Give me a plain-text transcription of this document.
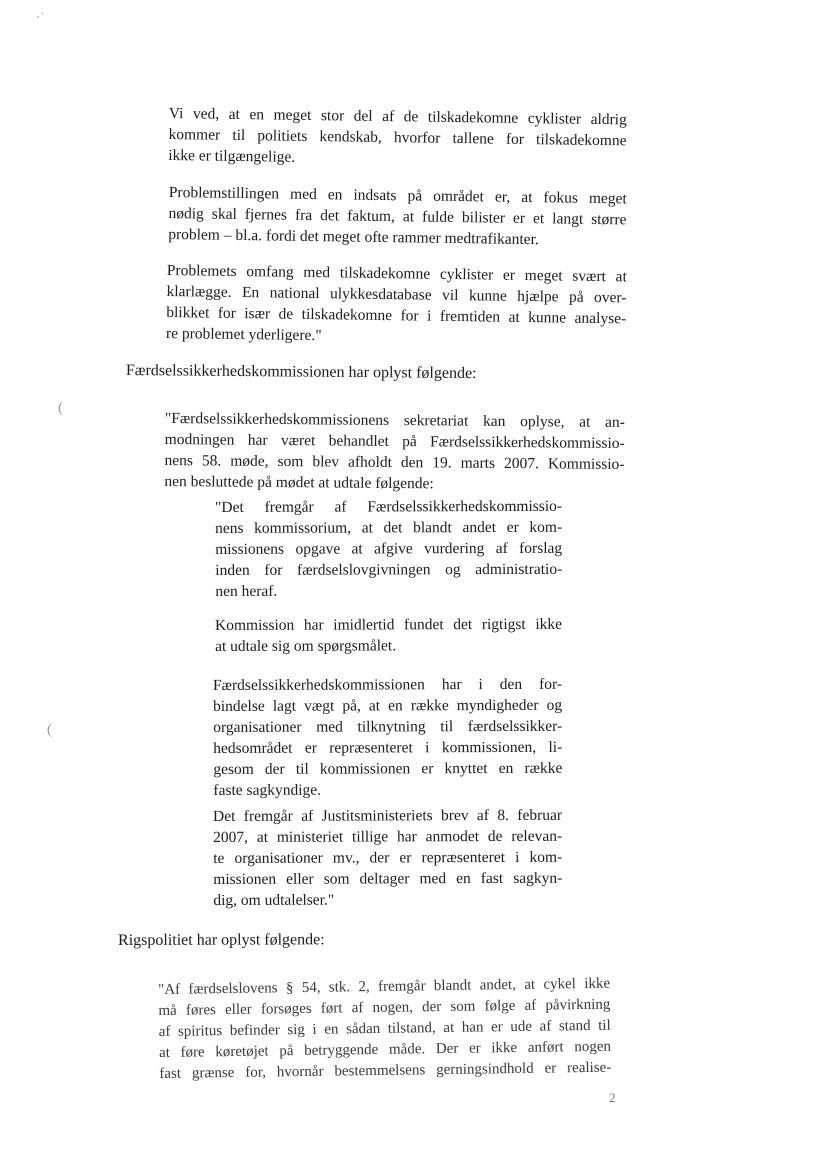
·˙
Vi ved, at en meget stor del af de tilskadekomne cyklister aldrig
kommer til politiets kendskab, hvorfor tallene for tilskadekomne
ikke er tilgængelige.
Problemstillingen med en indsats på området er, at fokus meget
nødig skal fjernes fra det faktum, at fulde bilister er et langt større
problem – bl.a. fordi det meget ofte rammer medtrafikanter.
Problemets omfang med tilskadekomne cyklister er meget svært at
klarlægge. En national ulykkesdatabase vil kunne hjælpe på over-
blikket for især de tilskadekomne for i fremtiden at kunne analyse-
re problemet yderligere."
Færdselssikkerhedskommissionen har oplyst følgende:
(
"Færdselssikkerhedskommissionens sekretariat kan oplyse, at an-
modningen har været behandlet på Færdselssikkerhedskommissio-
nens 58. møde, som blev afholdt den 19. marts 2007. Kommissio-
nen besluttede på mødet at udtale følgende:
"Det fremgår af Færdselssikkerhedskommissio-
nens kommissorium, at det blandt andet er kom-
missionens opgave at afgive vurdering af forslag
inden for færdselslovgivningen og administratio-
nen heraf.
Kommission har imidlertid fundet det rigtigst ikke
at udtale sig om spørgsmålet.
Færdselssikkerhedskommissionen har i den for-
bindelse lagt vægt på, at en række myndigheder og
organisationer med tilknytning til færdselssikker-
hedsområdet er repræsenteret i kommissionen, li-
gesom der til kommissionen er knyttet en række
faste sagkyndige.
(
Det fremgår af Justitsministeriets brev af 8. februar
2007, at ministeriet tillige har anmodet de relevan-
te organisationer mv., der er repræsenteret i kom-
missionen eller som deltager med en fast sagkyn-
dig, om udtalelser."
Rigspolitiet har oplyst følgende:
"Af færdselslovens § 54, stk. 2, fremgår blandt andet, at cykel ikke
må føres eller forsøges ført af nogen, der som følge af påvirkning
af spiritus befinder sig i en sådan tilstand, at han er ude af stand til
at føre køretøjet på betryggende måde. Der er ikke anført nogen
fast grænse for, hvornår bestemmelsens gerningsindhold er realise-
2
